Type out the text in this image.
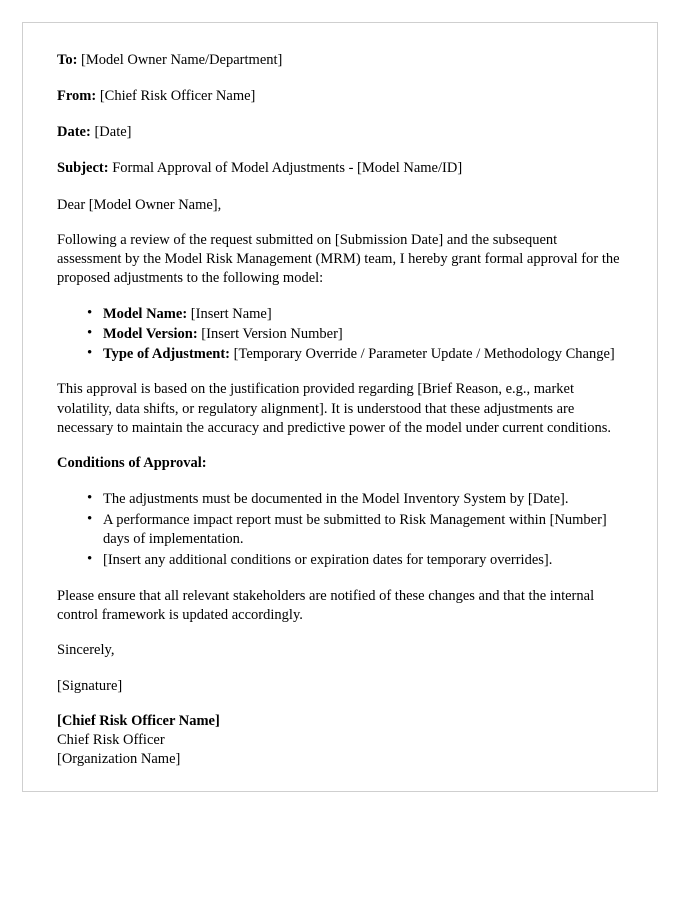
To: [Model Owner Name/Department]

From: [Chief Risk Officer Name]

Date: [Date]

Subject: Formal Approval of Model Adjustments - [Model Name/ID]

Dear [Model Owner Name],

Following a review of the request submitted on [Submission Date] and the subsequent assessment by the Model Risk Management (MRM) team, I hereby grant formal approval for the proposed adjustments to the following model:

• Model Name: [Insert Name]
• Model Version: [Insert Version Number]
• Type of Adjustment: [Temporary Override / Parameter Update / Methodology Change]

This approval is based on the justification provided regarding [Brief Reason, e.g., market volatility, data shifts, or regulatory alignment]. It is understood that these adjustments are necessary to maintain the accuracy and predictive power of the model under current conditions.

Conditions of Approval:

• The adjustments must be documented in the Model Inventory System by [Date].
• A performance impact report must be submitted to Risk Management within [Number] days of implementation.
• [Insert any additional conditions or expiration dates for temporary overrides].

Please ensure that all relevant stakeholders are notified of these changes and that the internal control framework is updated accordingly.

Sincerely,

[Signature]

[Chief Risk Officer Name]
Chief Risk Officer
[Organization Name]
